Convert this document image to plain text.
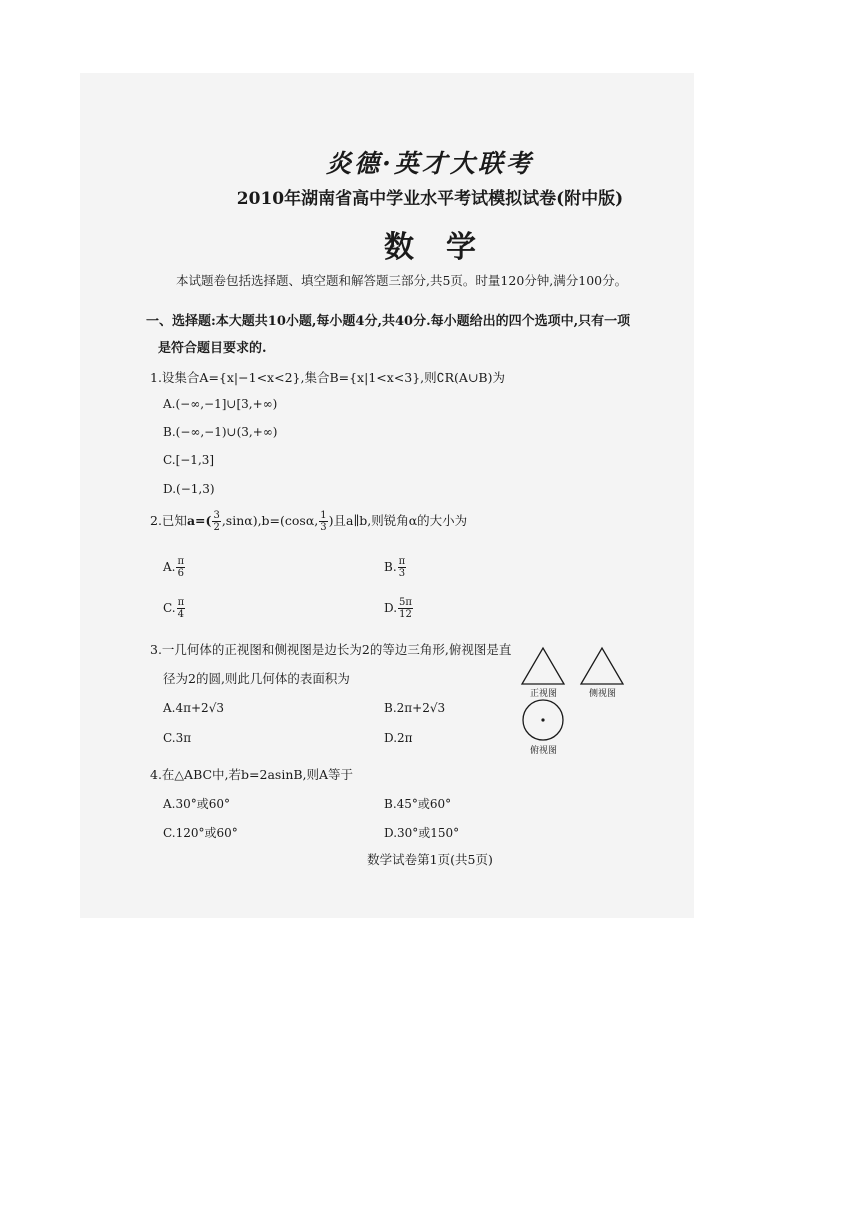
炎德·英才大联考
2010年湖南省高中学业水平考试模拟试卷(附中版)
数学
本试题卷包括选择题、填空题和解答题三部分,共5页。时量120分钟,满分100分。
一、选择题:本大题共10小题,每小题4分,共40分.每小题给出的四个选项中,只有一项
是符合题目要求的.
1.设集合A={x|−1<x<2},集合B={x|1<x<3},则∁R(A∪B)为
A.(−∞,−1]∪[3,+∞)
B.(−∞,−1)∪(3,+∞)
C.[−1,3]
D.(−1,3)
2.已知$a=( \frac{3}{2} ,\sin\alpha),b=(\cos\alpha$, $\frac{1}{3}$ )且a∥b,则锐角α的大小为
A. $\frac{\pi}{6}$	B. $\frac{\pi}{3}$
C. $\frac{\pi}{4}$	D. $\frac{5\pi}{12}$
3.一几何体的正视图和侧视图是边长为2的等边三角形,俯视图是直
径为2的圆,则此几何体的表面积为
A.4π+2√3	B.2π+2√3
C.3π	D.2π
正视图	侧视图
俯视图
4.在△ABC中,若b=2asinB,则A等于
A.30°或60°	B.45°或60°
C.120°或60°	D.30°或150°
数学试卷第1页(共5页)
